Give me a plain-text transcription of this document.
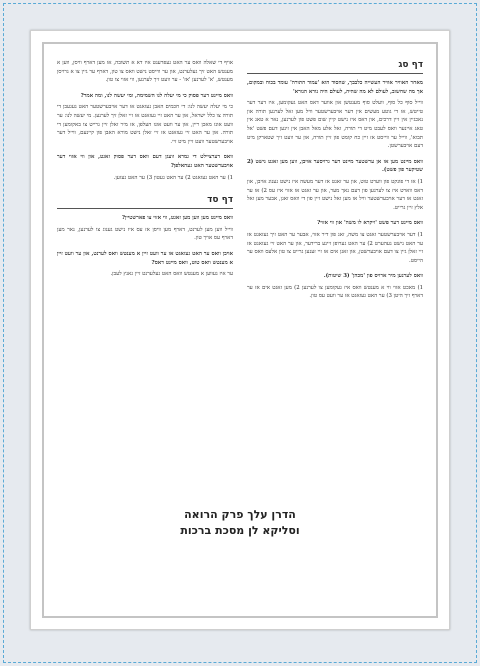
דף סג

מאחר האוויר אוויר העשייה כלבבך, שהסוד הוא 'עמוד התורה' עומד בכוח ובמקום, אך מה שחשוב, לעולם לא מה שהיה, לעולם היה נורא הנורא'

ווייל סוף כל סוף, וועלט סוף מענטשן און אווער דאס האט געקומען, איז דער דער טייטש, אז די גוטע מעשים אין דער אויבערשטער וויל מען זאל לערנען תורה און נאכגיין אין זיין דרכים, און דאס איז נישט קיין שום פשט פון לערנען, נאר א טאג אין טאג איינער וואס לעבט מיט די תורה, זאל אלע מאל האבן אין זינען דעם פשט 'אל תבוא', ווייל ער ווייסט אז זיין כח קומט פון זיין תורה, און ער וועט זיך שטארקן מיט דעם אויבערשטן.

וואס מיינט מען אז אן ערשטער מיינט דער גרויסער אויבן, ווען מען זאגט נישט (2 שטיקער פון פשט).

1) אז די פונקט פון ווערט טוט, און ער זאגט אז דער מעשה איז נישט גענוג אויבן, און דאס ווארט איז צו לערנען פון דעם נאך מער, און ער זאגט אז אזוי איז עס 2) אז ער זאגט אז דער אויבערשטער וויל אז מען זאל נישט זיין פון די וואס זאגן, אבער מען זאל אלץ זיין גרייט.

וואס מיינט דער פשט 'ויקרא לו משה' און ווי אזוי?

1) דער אויבערשטער זאגט צו משה, זאג פון דיר אזוי, אבער ער האט זיך געזאגט אז ער האט נישט געהערט 2) ער האט גערופן זיינע ברידער, און ער האט זיי געזאגט אז זיי זאלן גיין צו דעם אויבערשטן, און זאגן אים אז זיי זענען גרייט צו טון אלעס וואס ער הייסט.

וואס לערנען מיר ארויס פון 'מכהן' (3 שיטות).

1) מאכט אזוי ווי א מענטש וואס איז געקומען צו לערנען 2) מען זאגט אים אז ער דארף זיך היטן 3) ער האט געזאגט אז ער וועט עס טון.

אויף די שאלה וואס ער האט געפרעגט איז דא א תשובה, אז מען דארף וויסן, ווען א מענטש האט זיך געלערנט, און ער ווייסט נישט וואס צו טון, דארף ער גיין צו א גרויסן מענטש, 'א' לערנען 'אז' - ער וועט זיך לערנען, ווי אזוי צו טון.

וואס מיינט דער פסוק כי מי יעלה לנו השמימה, ומי יעשה לנו, ומה אמר?

כי מי יעלה יעשה לנו: די חכמים האבן געזאגט אז דער אויבערשטער האט געגעבן די תורה צו כלל ישראל, און ער האט זיי געזאגט אז זיי זאלן זיך לערנען. מי יעשה לנו: ער וועט אונז מאכן ריין, און ער וועט אונז העלפן, אז מיר זאלן זיין גרייט צו באקומען די תורה. און ער האט זיי געזאגט אז זיי זאלן נישט מורא האבן פון קיינעם, ווייל דער אויבערשטער וועט זיין מיט זיי.

וואס דערציילט די גמרא וועגן דעם וואס דער פסוק זאגט, און ווי אזוי דער אויבערשטער האט געהאלפן?

1) ער האט געזאגט 2) ער האט געטון 3) ער האט געזען.

דף סד

וואס מיינט מען ווען מען זאגט, ווי אזוי צו פארשטיין?

ווייל ווען מען לערנט, דארף מען וויסן אז עס איז נישט גענוג צו לערנען, נאר מען דארף עס אויך טון.

אויבן וואס ער האט געזאגט אז ער וועט זיין א מענטש וואס לערנט, און ער וועט זיין א מענטש וואס טוט, וואס מיינט דאס?

ער איז געווען א מענטש וואס האט געלערנט זיין גאנץ לעבן.

הדרן עלך פרק הרואה
וסליקא לן מסכת ברכות
